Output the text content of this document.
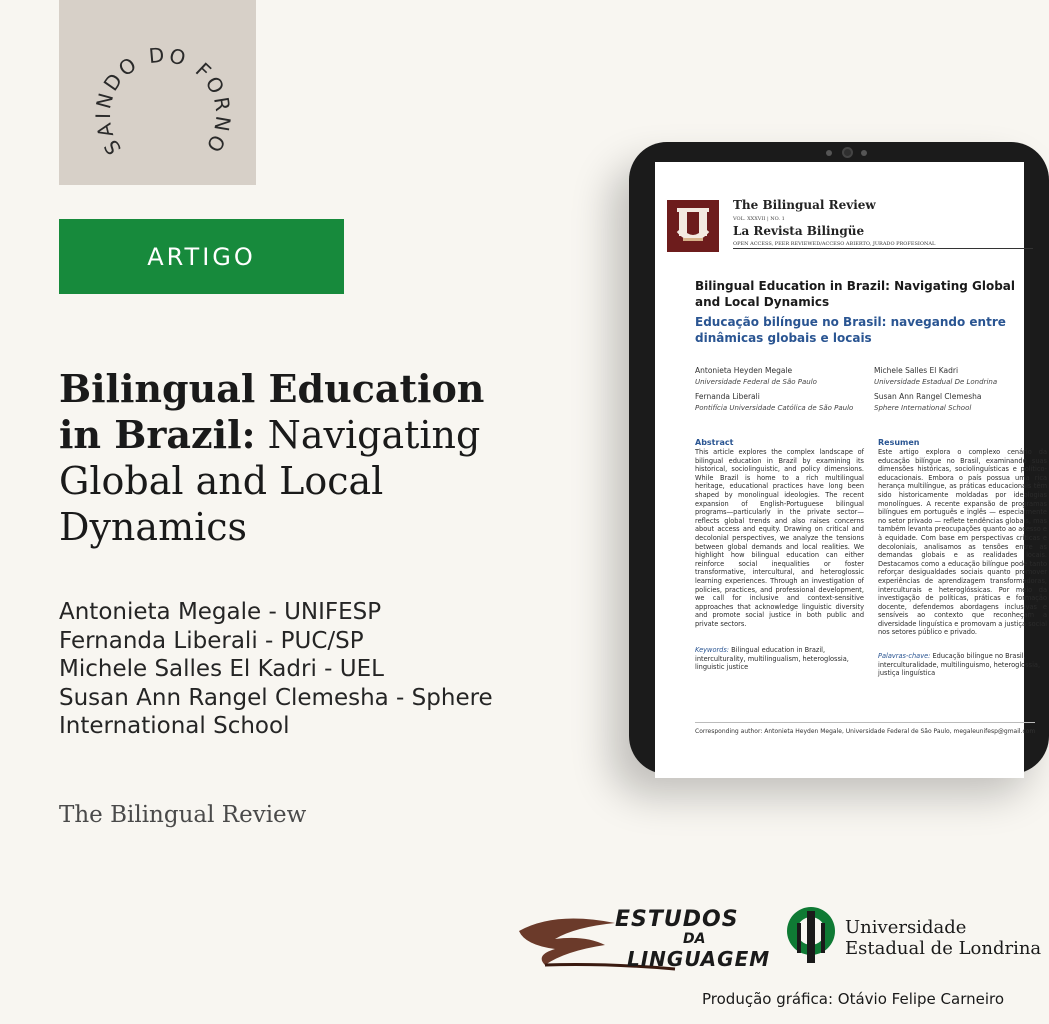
SAINDO DO FORNO
ARTIGO
Bilingual Education in Brazil: Navigating Global and Local Dynamics
Antonieta Megale - UNIFESP
Fernanda Liberali - PUC/SP
Michele Salles El Kadri - UEL
Susan Ann Rangel Clemesha - Sphere
International School
The Bilingual Review
The Bilingual Review
VOL. XXXVII | NO. 1
La Revista Bilingüe
OPEN ACCESS, PEER REVIEWED/ACCESO ABIERTO, JURADO PROFESIONAL
Bilingual Education in Brazil: Navigating Global and Local Dynamics
Educação bilíngue no Brasil: navegando entre dinâmicas globais e locais
Antonieta Heyden Megale
Universidade Federal de São Paulo
Fernanda Liberali
Pontifícia Universidade Católica de São Paulo
Michele Salles El Kadri
Universidade Estadual De Londrina
Susan Ann Rangel Clemesha
Sphere International School
Abstract
This article explores the complex landscape of bilingual education in Brazil by examining its historical, sociolinguistic, and policy dimensions. While Brazil is home to a rich multilingual heritage, educational practices have long been shaped by monolingual ideologies. The recent expansion of English-Portuguese bilingual programs—particularly in the private sector—reflects global trends and also raises concerns about access and equity. Drawing on critical and decolonial perspectives, we analyze the tensions between global demands and local realities. We highlight how bilingual education can either reinforce social inequalities or foster transformative, intercultural, and heteroglossic learning experiences. Through an investigation of policies, practices, and professional development, we call for inclusive and context-sensitive approaches that acknowledge linguistic diversity and promote social justice in both public and private sectors.
Keywords: Bilingual education in Brazil, interculturality, multilingualism, heteroglossia, linguistic justice
Resumen
Este artigo explora o complexo cenário da educação bilíngue no Brasil, examinando suas dimensões históricas, sociolinguísticas e político-educacionais. Embora o país possua uma rica herança multilíngue, as práticas educacionais têm sido historicamente moldadas por ideologias monolíngues. A recente expansão de programas bilíngues em português e inglês — especialmente no setor privado — reflete tendências globais, mas também levanta preocupações quanto ao acesso e à equidade. Com base em perspectivas críticas e decoloniais, analisamos as tensões entre as demandas globais e as realidades locais. Destacamos como a educação bilíngue pode tanto reforçar desigualdades sociais quanto promover experiências de aprendizagem transformadoras, interculturais e heteroglóssicas. Por meio da investigação de políticas, práticas e formação docente, defendemos abordagens inclusivas e sensíveis ao contexto que reconheçam a diversidade linguística e promovam a justiça social nos setores público e privado.
Palavras-chave: Educação bilíngue no Brasil, interculturalidade, multilinguismo, heteroglossia, justiça linguística
Corresponding author: Antonieta Heyden Megale, Universidade Federal de São Paulo, megaleunifesp@gmail.com
ESTUDOS
DA
LINGUAGEM
Universidade
Estadual de Londrina
Produção gráfica: Otávio Felipe Carneiro
